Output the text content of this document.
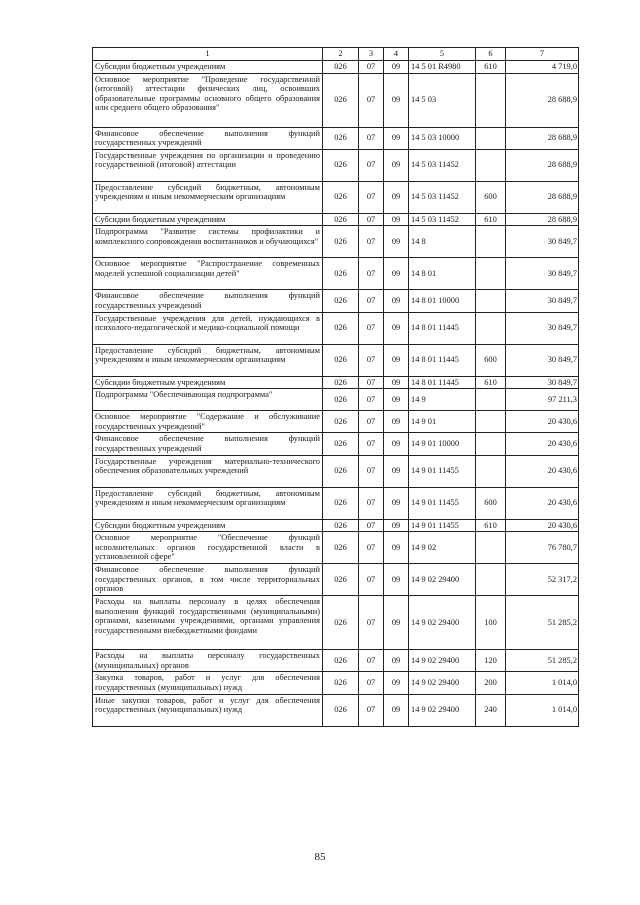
1	2	3	4	5	6	7
Субсидии бюджетным учреждениям	026	07	09	14 5 01 R4980	610	4 719,0
Основное мероприятие "Проведение государственной (итоговой) аттестации физических лиц, освоивших образовательные программы основного общего образования или среднего общего образования"	026	07	09	14 5 03		28 688,9
Финансовое обеспечение выполнения функций государственных учреждений	026	07	09	14 5 03 10000		28 688,9
Государственные учреждения по организации и проведению государственной (итоговой) аттестации	026	07	09	14 5 03 11452		28 688,9
Предоставление субсидий бюджетным, автономным учреждениям и иным некоммерческим организациям	026	07	09	14 5 03 11452	600	28 688,9
Субсидии бюджетным учреждениям	026	07	09	14 5 03 11452	610	28 688,9
Подпрограмма "Развитие системы профилактики и комплексного сопровождения воспитанников и обучающихся"	026	07	09	14 8		30 849,7
Основное мероприятие "Распространение современных моделей успешной социализации детей"	026	07	09	14 8 01		30 849,7
Финансовое обеспечение выполнения функций государственных учреждений	026	07	09	14 8 01 10000		30 849,7
Государственные учреждения для детей, нуждающихся в психолого-педагогической и медико-социальной помощи	026	07	09	14 8 01 11445		30 849,7
Предоставление субсидий бюджетным, автономным учреждениям и иным некоммерческим организациям	026	07	09	14 8 01 11445	600	30 849,7
Субсидии бюджетным учреждениям	026	07	09	14 8 01 11445	610	30 849,7
Подпрограмма "Обеспечивающая подпрограмма"	026	07	09	14 9		97 211,3
Основное мероприятие "Содержание и обслуживание государственных учреждений"	026	07	09	14 9 01		20 430,6
Финансовое обеспечение выполнения функций государственных учреждений	026	07	09	14 9 01 10000		20 430,6
Государственные учреждения материально-технического обеспечения образовательных учреждений	026	07	09	14 9 01 11455		20 430,6
Предоставление субсидий бюджетным, автономным учреждениям и иным некоммерческим организациям	026	07	09	14 9 01 11455	600	20 430,6
Субсидии бюджетным учреждениям	026	07	09	14 9 01 11455	610	20 430,6
Основное мероприятие "Обеспечение функций исполнительных органов государственной власти в установленной сфере"	026	07	09	14 9 02		76 780,7
Финансовое обеспечение выполнения функций государственных органов, в том числе территориальных органов	026	07	09	14 9 02 29400		52 317,2
Расходы на выплаты персоналу в целях обеспечения выполнения функций государственными (муниципальными) органами, казенными учреждениями, органами управления государственными внебюджетными фондами	026	07	09	14 9 02 29400	100	51 285,2
Расходы на выплаты персоналу государственных (муниципальных) органов	026	07	09	14 9 02 29400	120	51 285,2
Закупка товаров, работ и услуг для обеспечения государственных (муниципальных) нужд	026	07	09	14 9 02 29400	200	1 014,0
Иные закупки товаров, работ и услуг для обеспечения государственных (муниципальных) нужд	026	07	09	14 9 02 29400	240	1 014,0
85
